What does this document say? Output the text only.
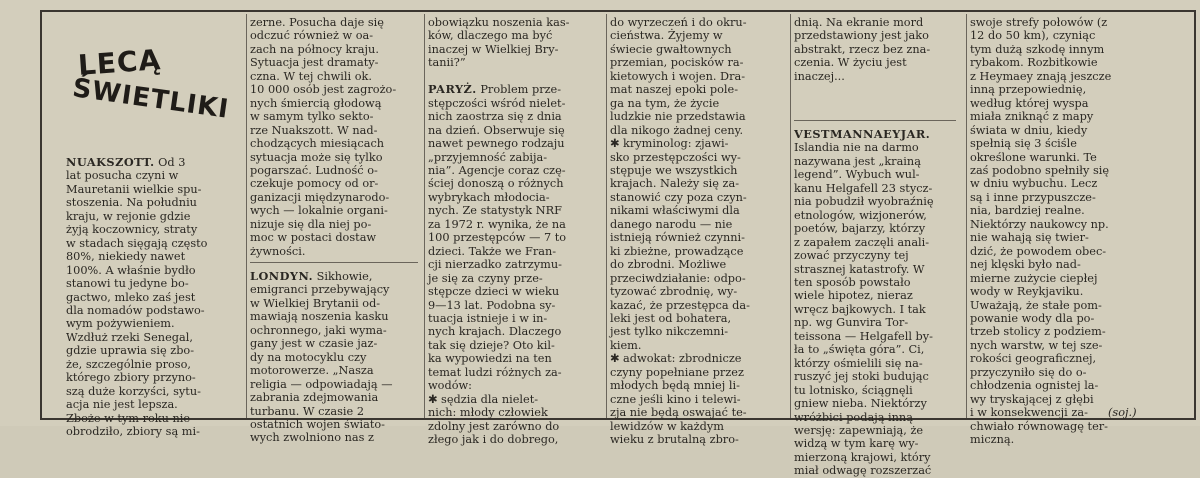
LECĄ
ŚWIETLIKI
NUAKSZOTT. Od 3
lat posucha czyni w
Mauretanii wielkie spu-
stoszenia. Na południu
kraju, w rejonie gdzie
żyją koczownicy, straty
w stadach sięgają często
80%, niekiedy nawet
100%. A właśnie bydło
stanowi tu jedyne bo-
gactwo, mleko zaś jest
dla nomadów podstawo-
wym pożywieniem.
Wzdłuż rzeki Senegal,
gdzie uprawia się zbo-
że, szczególnie proso,
którego zbiory przyno-
szą duże korzyści, sytu-
acja nie jest lepsza.
Zboże w tym roku nie
obrodziło, zbiory są mi-
zerne. Posucha daje się
odczuć również w oa-
zach na północy kraju.
Sytuacja jest dramaty-
czna. W tej chwili ok.
10 000 osób jest zagrożo-
nych śmiercią głodową
w samym tylko sekto-
rze Nuakszott. W nad-
chodzących miesiącach
sytuacja może się tylko
pogarszać. Ludność o-
czekuje pomocy od or-
ganizacji międzynarodo-
wych — lokalnie organi-
nizuje się dla niej po-
moc w postaci dostaw
żywności.
LONDYN. Sikhowie,
emigranci przebywający
w Wielkiej Brytanii od-
mawiają noszenia kasku
ochronnego, jaki wyma-
gany jest w czasie jaz-
dy na motocyklu czy
motorowerze. „Nasza
religia — odpowiadają —
zabrania zdejmowania
turbanu. W czasie 2
ostatnich wojen świato-
wych zwolniono nas z
obowiązku noszenia kas-
ków, dlaczego ma być
inaczej w Wielkiej Bry-
tanii?”

PARYŻ. Problem prze-
stępczości wśród nielet-
nich zaostrza się z dnia
na dzień. Obserwuje się
nawet pewnego rodzaju
„przyjemność zabija-
nia”. Agencje coraz czę-
ściej donoszą o różnych
wybrykach młodocia-
nych. Ze statystyk NRF
za 1972 r. wynika, że na
100 przestępców — 7 to
dzieci. Także we Fran-
cji nierzadko zatrzymu-
je się za czyny prze-
stępcze dzieci w wieku
9—13 lat. Podobna sy-
tuacja istnieje i w in-
nych krajach. Dlaczego
tak się dzieje? Oto kil-
ka wypowiedzi na ten
temat ludzi różnych za-
wodów:
✱ sędzia dla nielet-
nich: młody człowiek
zdolny jest zarówno do
złego jak i do dobrego,
do wyrzeczeń i do okru-
cieństwa. Żyjemy w
świecie gwałtownych
przemian, pocisków ra-
kietowych i wojen. Dra-
mat naszej epoki pole-
ga na tym, że życie
ludzkie nie przedstawia
dla nikogo żadnej ceny.
✱ kryminolog: zjawi-
sko przestępczości wy-
stępuje we wszystkich
krajach. Należy się za-
stanowić czy poza czyn-
nikami właściwymi dla
danego narodu — nie
istnieją również czynni-
ki zbieżne, prowadzące
do zbrodni. Możliwe
przeciwdziałanie: odpo-
tyzować zbrodnię, wy-
kazać, że przestępca da-
leki jest od bohatera,
jest tylko nikczemni-
kiem.
✱ adwokat: zbrodnicze
czyny popełniane przez
młodych będą mniej li-
czne jeśli kino i telewi-
zja nie będą oswajać te-
lewidzów w każdym
wieku z brutalną zbro-
dnią. Na ekranie mord
przedstawiony jest jako
abstrakt, rzecz bez zna-
czenia. W życiu jest
inaczej...
VESTMANNAEYJAR.
Islandia nie na darmo
nazywana jest „krainą
legend”. Wybuch wul-
kanu Helgafell 23 stycz-
nia pobudził wyobraźnię
etnologów, wizjonerów,
poetów, bajarzy, którzy
z zapałem zaczęli anali-
zować przyczyny tej
strasznej katastrofy. W
ten sposób powstało
wiele hipotez, nieraz
wręcz bajkowych. I tak
np. wg Gunvira Tor-
teissona — Helgafell by-
ła to „święta góra”. Ci,
którzy ośmielili się na-
ruszyć jej stoki budując
tu lotnisko, ściągnęli
gniew nieba. Niektórzy
wróżbici podają inną
wersję: zapewniają, że
widzą w tym karę wy-
mierzoną krajowi, który
miał odwagę rozszerzać
swoje strefy połowów (z
12 do 50 km), czyniąc
tym dużą szkodę innym
rybakom. Rozbitkowie
z Heymaey znają jeszcze
inną przepowiednię,
według której wyspa
miała zniknąć z mapy
świata w dniu, kiedy
spełnią się 3 ściśle
określone warunki. Te
zaś podobno spełniły się
w dniu wybuchu. Lecz
są i inne przypuszcze-
nia, bardziej realne.
Niektórzy naukowcy np.
nie wahają się twier-
dzić, że powodem obec-
nej klęski było nad-
mierne zużycie ciepłej
wody w Reykjaviku.
Uważają, że stałe pom-
powanie wody dla po-
trzeb stolicy z podziem-
nych warstw, w tej sze-
rokości geograficznej,
przyczyniło się do o-
chłodzenia ognistej la-
wy tryskającej z głębi
i w konsekwencji za-
chwiało równowagę ter-
miczną.
(soj.)
